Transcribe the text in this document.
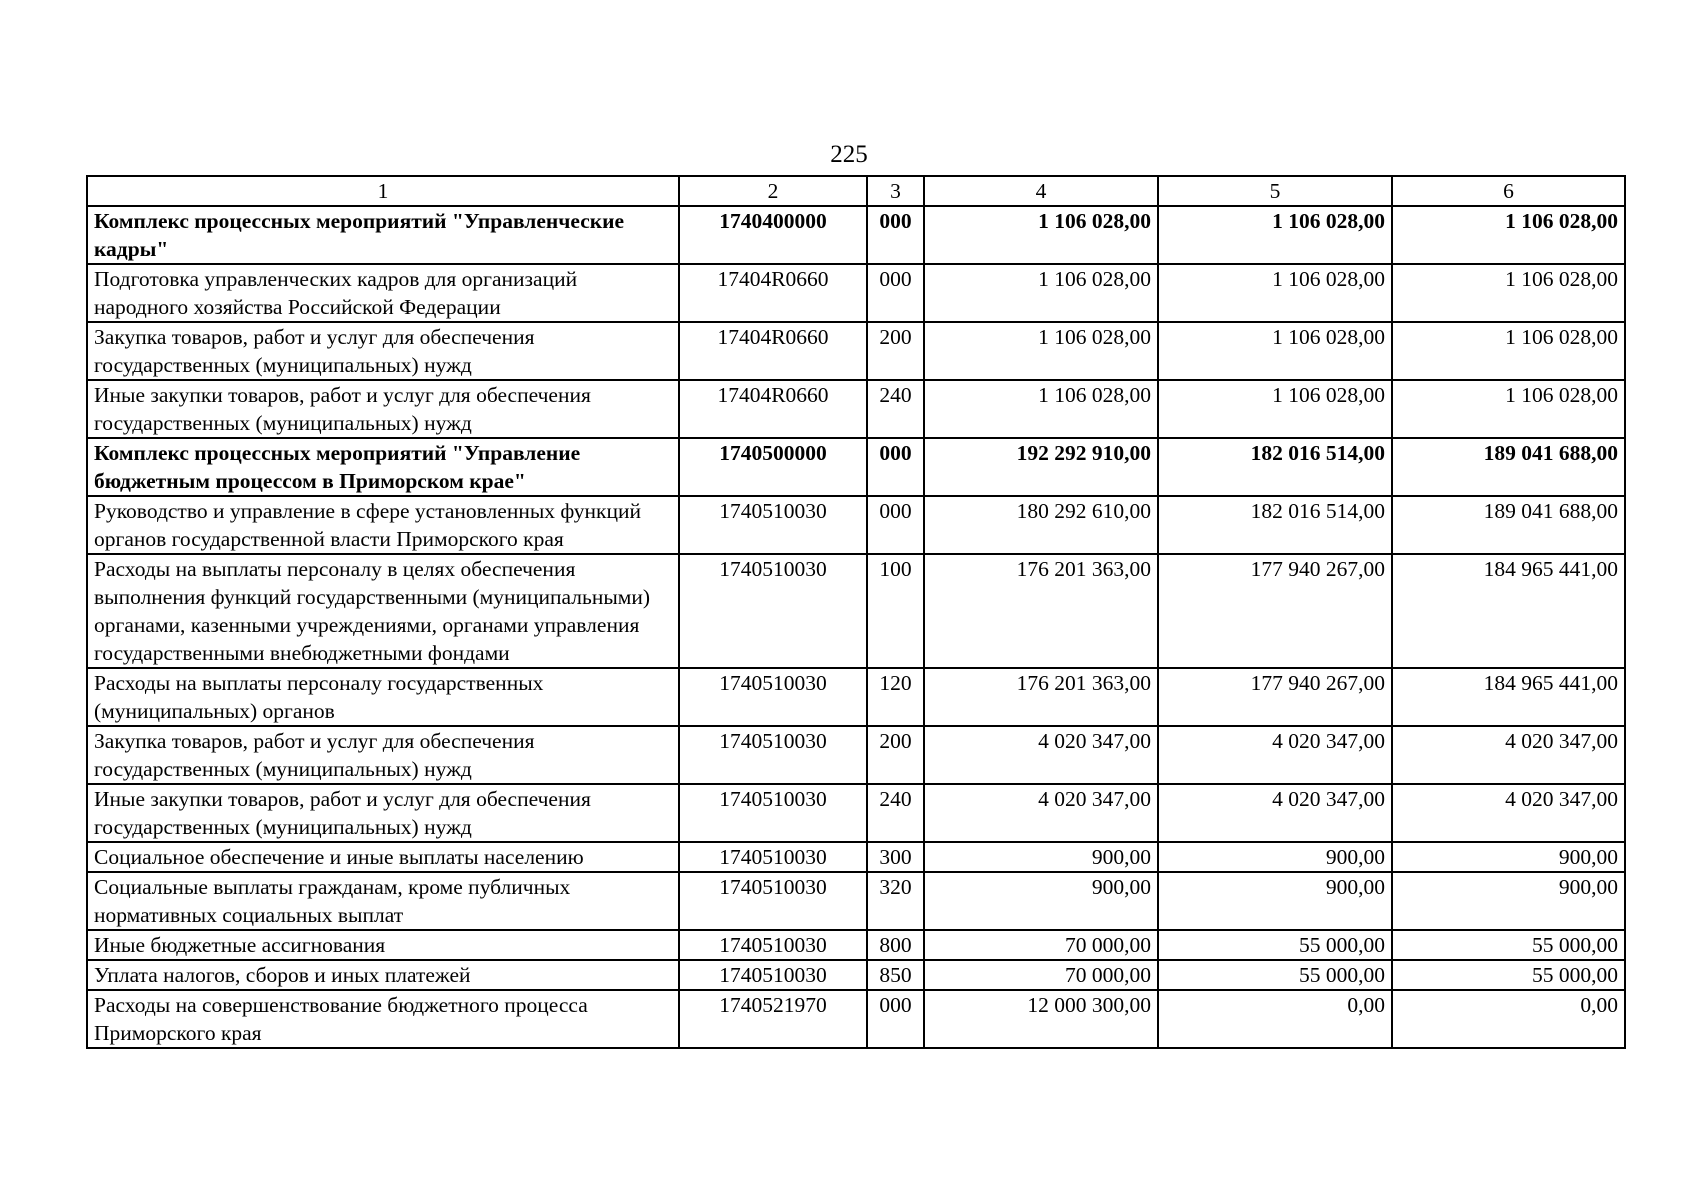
225
1	2	3	4	5	6
Комплекс процессных мероприятий "Управленческие кадры"	1740400000	000	1 106 028,00	1 106 028,00	1 106 028,00
Подготовка управленческих кадров для организаций народного хозяйства Российской Федерации	17404R0660	000	1 106 028,00	1 106 028,00	1 106 028,00
Закупка товаров, работ и услуг для обеспечения государственных (муниципальных) нужд	17404R0660	200	1 106 028,00	1 106 028,00	1 106 028,00
Иные закупки товаров, работ и услуг для обеспечения государственных (муниципальных) нужд	17404R0660	240	1 106 028,00	1 106 028,00	1 106 028,00
Комплекс процессных мероприятий "Управление бюджетным процессом в Приморском крае"	1740500000	000	192 292 910,00	182 016 514,00	189 041 688,00
Руководство и управление в сфере установленных функций органов государственной власти Приморского края	1740510030	000	180 292 610,00	182 016 514,00	189 041 688,00
Расходы на выплаты персоналу в целях обеспечения выполнения функций государственными (муниципальными) органами, казенными учреждениями, органами управления государственными внебюджетными фондами	1740510030	100	176 201 363,00	177 940 267,00	184 965 441,00
Расходы на выплаты персоналу государственных (муниципальных) органов	1740510030	120	176 201 363,00	177 940 267,00	184 965 441,00
Закупка товаров, работ и услуг для обеспечения государственных (муниципальных) нужд	1740510030	200	4 020 347,00	4 020 347,00	4 020 347,00
Иные закупки товаров, работ и услуг для обеспечения государственных (муниципальных) нужд	1740510030	240	4 020 347,00	4 020 347,00	4 020 347,00
Социальное обеспечение и иные выплаты населению	1740510030	300	900,00	900,00	900,00
Социальные выплаты гражданам, кроме публичных нормативных социальных выплат	1740510030	320	900,00	900,00	900,00
Иные бюджетные ассигнования	1740510030	800	70 000,00	55 000,00	55 000,00
Уплата налогов, сборов и иных платежей	1740510030	850	70 000,00	55 000,00	55 000,00
Расходы на совершенствование бюджетного процесса Приморского края	1740521970	000	12 000 300,00	0,00	0,00
